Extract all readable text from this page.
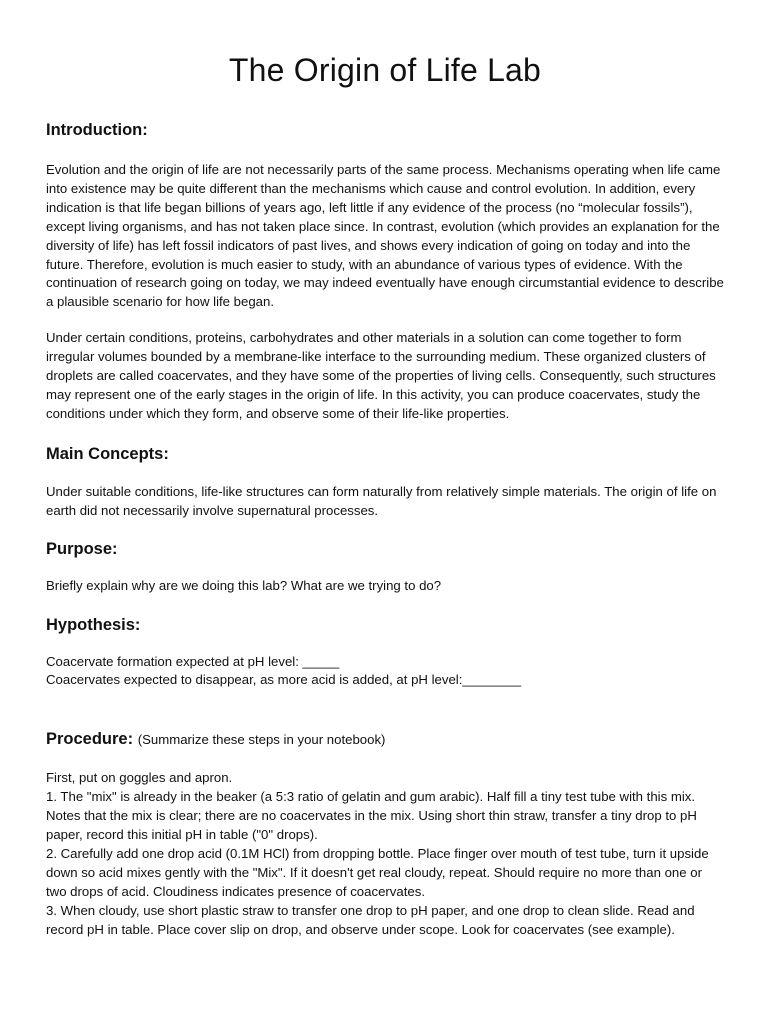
The Origin of Life Lab
Introduction:

Evolution and the origin of life are not necessarily parts of the same process. Mechanisms operating when life came into existence may be quite different than the mechanisms which cause and control evolution. In addition, every indication is that life began billions of years ago, left little if any evidence of the process (no “molecular fossils”), except living organisms, and has not taken place since. In contrast, evolution (which provides an explanation for the diversity of life) has left fossil indicators of past lives, and shows every indication of going on today and into the future. Therefore, evolution is much easier to study, with an abundance of various types of evidence. With the continuation of research going on today, we may indeed eventually have enough circumstantial evidence to describe a plausible scenario for how life began.

Under certain conditions, proteins, carbohydrates and other materials in a solution can come together to form irregular volumes bounded by a membrane-like interface to the surrounding medium. These organized clusters of droplets are called coacervates, and they have some of the properties of living cells. Consequently, such structures may represent one of the early stages in the origin of life. In this activity, you can produce coacervates, study the conditions under which they form, and observe some of their life-like properties.

Main Concepts:

Under suitable conditions, life-like structures can form naturally from relatively simple materials. The origin of life on earth did not necessarily involve supernatural processes.

Purpose:

Briefly explain why are we doing this lab? What are we trying to do?

Hypothesis:

Coacervate formation expected at pH level: _____
Coacervates expected to disappear, as more acid is added, at pH level:________

Procedure: (Summarize these steps in your notebook)

First, put on goggles and apron.
1. The "mix" is already in the beaker (a 5:3 ratio of gelatin and gum arabic). Half fill a tiny test tube with this mix. Notes that the mix is clear; there are no coacervates in the mix. Using short thin straw, transfer a tiny drop to pH paper, record this initial pH in table ("0" drops).
2. Carefully add one drop acid (0.1M HCl) from dropping bottle. Place finger over mouth of test tube, turn it upside down so acid mixes gently with the "Mix". If it doesn't get real cloudy, repeat. Should require no more than one or two drops of acid. Cloudiness indicates presence of coacervates.
3. When cloudy, use short plastic straw to transfer one drop to pH paper, and one drop to clean slide. Read and record pH in table. Place cover slip on drop, and observe under scope. Look for coacervates (see example).
